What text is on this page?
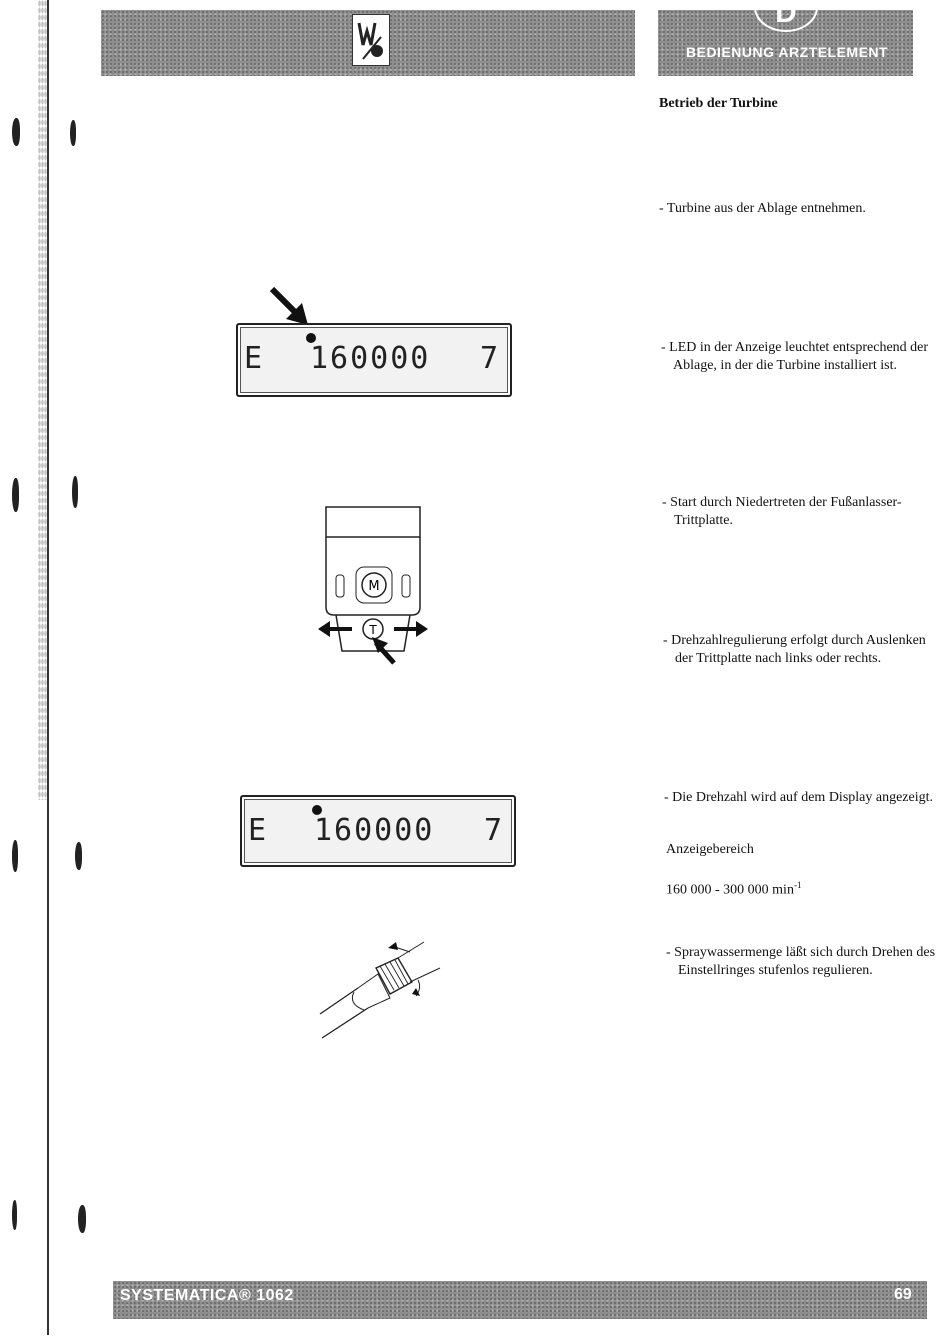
D
BEDIENUNG ARZTELEMENT
Betrieb der Turbine
- Turbine aus der Ablage entnehmen.
- LED in der Anzeige leuchtet entsprechend der Ablage, in der die Turbine installiert ist.
- Start durch Niedertreten der Fußanlasser-Trittplatte.
- Drehzahlregulierung erfolgt durch Auslenken der Trittplatte nach links oder rechts.
- Die Drehzahl wird auf dem Display angezeigt.
Anzeigebereich
160 000 - 300 000 $\min^{-1}$
- Spraywassermenge läßt sich durch Drehen des Einstellringes stufenlos regulieren.
E 160000 7
M
T
E 160000 7
SYSTEMATICA® 1062	69
